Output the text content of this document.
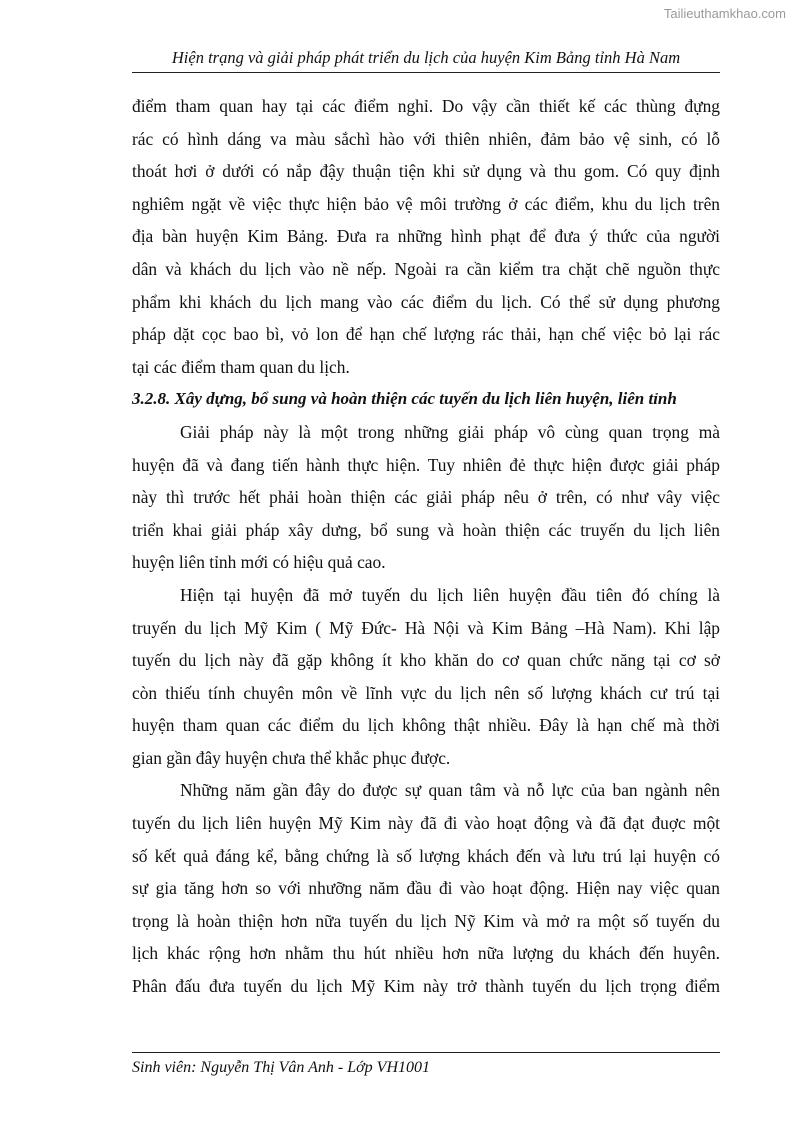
Tailieuthamkhao.com
Hiện trạng và giải pháp phát triển du lịch của huyện Kim Bảng tỉnh Hà Nam

điểm tham quan hay tại các điểm nghỉ. Do vậy cần thiết kế các thùng đựng
rác có hình dáng va màu sắchì hào với thiên nhiên, đảm bảo vệ sinh, có lỗ
thoát hơi ở dưới có nắp đậy thuận tiện khi sử dụng và thu gom. Có quy định
nghiêm ngặt về việc thực hiện bảo vệ môi trường ở các điểm, khu du lịch trên
địa bàn huyện Kim Bảng. Đưa ra những hình phạt để đưa ý thức của người
dân và khách du lịch vào nề nếp. Ngoài ra cần kiểm tra chặt chẽ nguồn thực
phẩm khi khách du lịch mang vào các điểm du lịch. Có thể sử dụng phương
pháp dặt cọc bao bì, vỏ lon để hạn chế lượng rác thải, hạn chế việc bỏ lại rác
tại các điểm tham quan du lịch.

3.2.8. Xây dựng, bổ sung và hoàn thiện các tuyến du lịch liên huyện, liên tỉnh

Giải pháp này là một trong những giải pháp vô cùng quan trọng mà
huyện đã và đang tiến hành thực hiện. Tuy nhiên đẻ thực hiện được giải pháp
này thì trước hết phải hoàn thiện các giải pháp nêu ở trên, có như vây việc
triển khai giải pháp xây dưng, bổ sung và hoàn thiện các truyến du lịch liên
huyện liên tỉnh mới có hiệu quả cao.

Hiện tại huyện đã mở tuyến du lịch liên huyện đầu tiên đó chíng là
truyến du lịch Mỹ Kim ( Mỹ Đức- Hà Nội và Kim Bảng –Hà Nam). Khi lập
tuyến du lịch này đã gặp không ít kho khăn do cơ quan chức năng tại cơ sở
còn thiếu tính chuyên môn về lĩnh vực du lịch nên số lượng khách cư trú tại
huyện tham quan các điểm du lịch không thật nhiều. Đây là hạn chế mà thời
gian gần đây huyện chưa thể khắc phục được.

Những năm gần đây do được sự quan tâm và nỗ lực của ban ngành nên
tuyến du lịch liên huyện Mỹ Kim này đã đi vào hoạt động và đã đạt đuợc một
số kết quả đáng kể, bằng chứng là số lượng khách đến và lưu trú lại huyện có
sự gia tăng hơn so với nhưỡng năm đầu đi vào hoạt động. Hiện nay việc quan
trọng là hoàn thiện hơn nữa tuyến du lịch Nỹ Kim và mở ra một số tuyến du
lịch khác rộng hơn nhằm thu hút nhiều hơn nữa lượng du khách đến huyên.
Phân đấu đưa tuyến du lịch Mỹ Kim này trở thành tuyến du lịch trọng điểm

Sinh viên: Nguyễn Thị Vân Anh - Lớp VH1001
